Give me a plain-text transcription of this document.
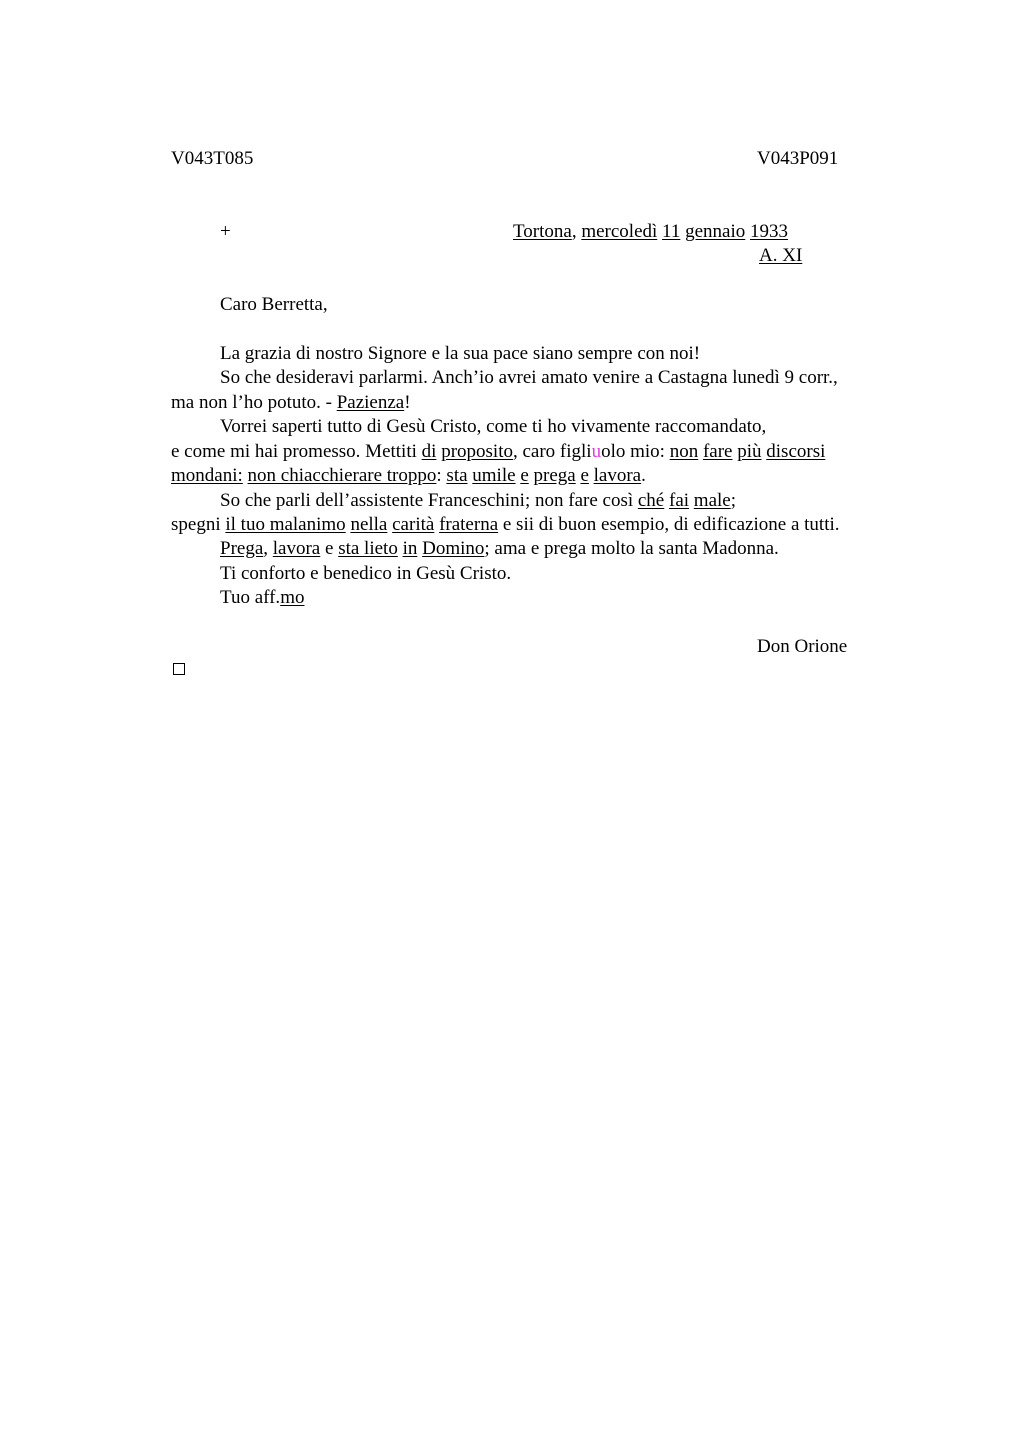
V043T085	V043P091
+	Tortona, mercoledì 11 gennaio 1933
A. XI
Caro Berretta,
La grazia di nostro Signore e la sua pace siano sempre con noi!
So che desideravi parlarmi. Anch’io avrei amato venire a Castagna lunedì 9 corr.,
ma non l’ho potuto. - Pazienza!
Vorrei saperti tutto di Gesù Cristo, come ti ho vivamente raccomandato,
e come mi hai promesso. Mettiti di proposito, caro figliuolo mio: non fare più discorsi
mondani: non chiacchierare troppo: sta umile e prega e lavora.
So che parli dell’assistente Franceschini; non fare così ché fai male;
spegni il tuo malanimo nella carità fraterna e sii di buon esempio, di edificazione a tutti.
Prega, lavora e sta lieto in Domino; ama e prega molto la santa Madonna.
Ti conforto e benedico in Gesù Cristo.
Tuo aff.mo
Don Orione
